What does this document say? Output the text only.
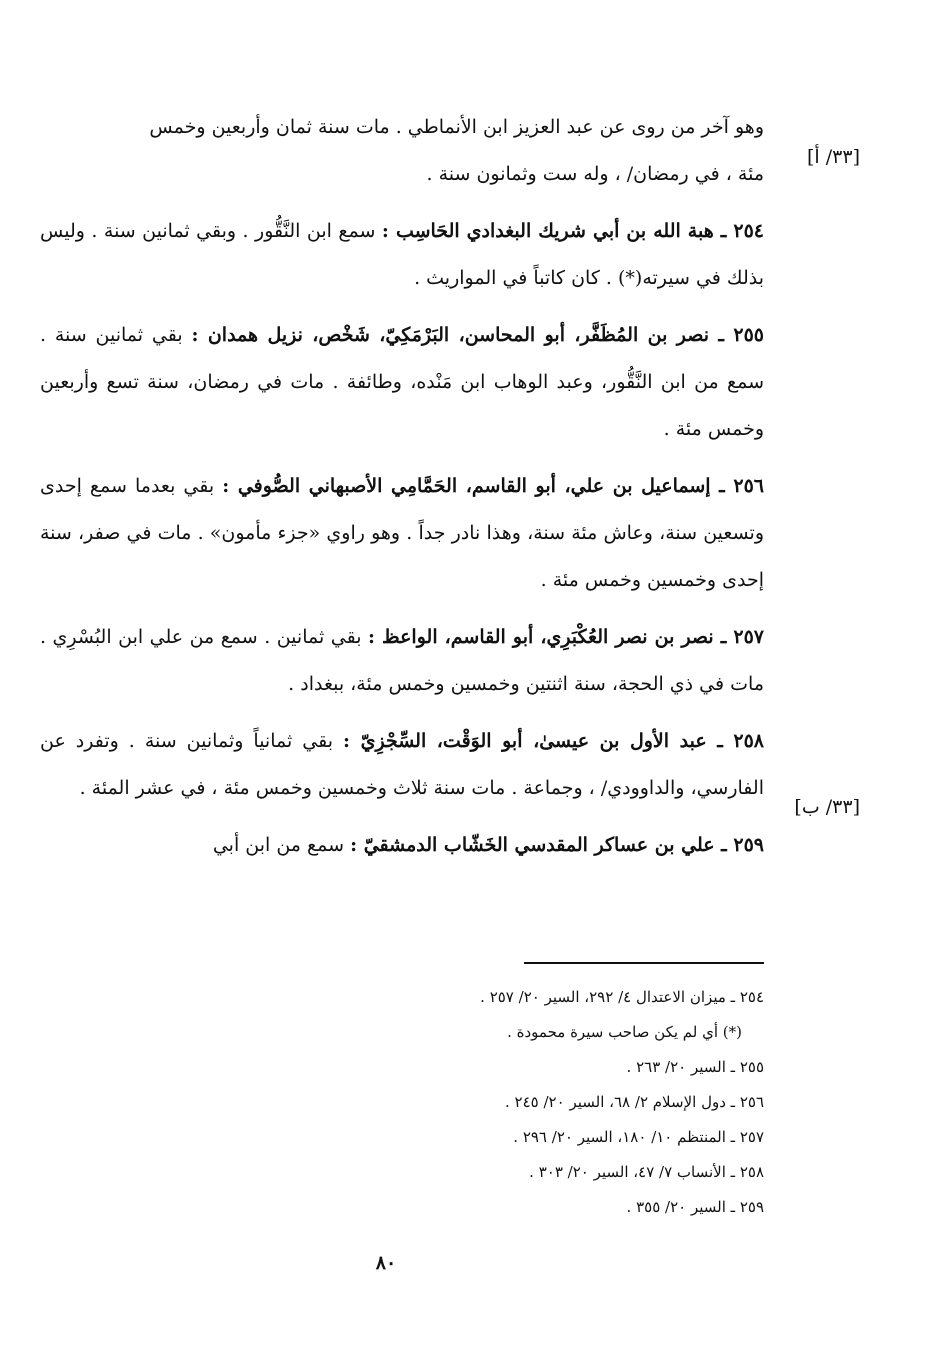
وهو آخر من روى عن عبد العزيز ابن الأنماطي . مات سنة ثمان وأربعين وخمس

مئة ، في رمضان/ ، وله ست وثمانون سنة .

٢٥٤ ـ هبة الله بن أبي شريك البغدادي الحَاسِب : سمع ابن النَّقُّور . وبقي ثمانين سنة . وليس بذلك في سيرته(*) . كان كاتباً في المواريث .
٢٥٥ ـ نصر بن المُظَفَّر، أبو المحاسن، البَرْمَكِيّ، شَخْص، نزيل همدان : بقي ثمانين سنة . سمع من ابن النَّقُّور، وعبد الوهاب ابن مَنْده، وطائفة . مات في رمضان، سنة تسع وأربعين وخمس مئة .
٢٥٦ ـ إسماعيل بن علي، أبو القاسم، الحَمَّامِي الأصبهاني الصُّوفي : بقي بعدما سمع إحدى وتسعين سنة، وعاش مئة سنة، وهذا نادر جداً . وهو راوي «جزء مأمون» . مات في صفر، سنة إحدى وخمسين وخمس مئة .
٢٥٧ ـ نصر بن نصر العُكْبَرِي، أبو القاسم، الواعظ : بقي ثمانين . سمع من علي ابن البُسْرِي . مات في ذي الحجة، سنة اثنتين وخمسين وخمس مئة، ببغداد .
٢٥٨ ـ عبد الأول بن عيسىٰ، أبو الوَقْت، السِّجْزِيّ : بقي ثمانياً وثمانين سنة . وتفرد عن الفارسي، والداوودي/ ، وجماعة . مات سنة ثلاث وخمسين وخمس مئة ، في عشر المئة .
٢٥٩ ـ علي بن عساكر المقدسي الخَشّاب الدمشقيّ : سمع من ابن أبي
[٣٣/ أ]
[٣٣/ ب]
٢٥٤ ـ ميزان الاعتدال ٤/ ٢٩٢، السير ٢٠/ ٢٥٧ .
(*) أي لم يكن صاحب سيرة محمودة .
٢٥٥ ـ السير ٢٠/ ٢٦٣ .
٢٥٦ ـ دول الإسلام ٢/ ٦٨، السير ٢٠/ ٢٤٥ .
٢٥٧ ـ المنتظم ١٠/ ١٨٠، السير ٢٠/ ٢٩٦ .
٢٥٨ ـ الأنساب ٧/ ٤٧، السير ٢٠/ ٣٠٣ .
٢٥٩ ـ السير ٢٠/ ٣٥٥ .
٨٠
